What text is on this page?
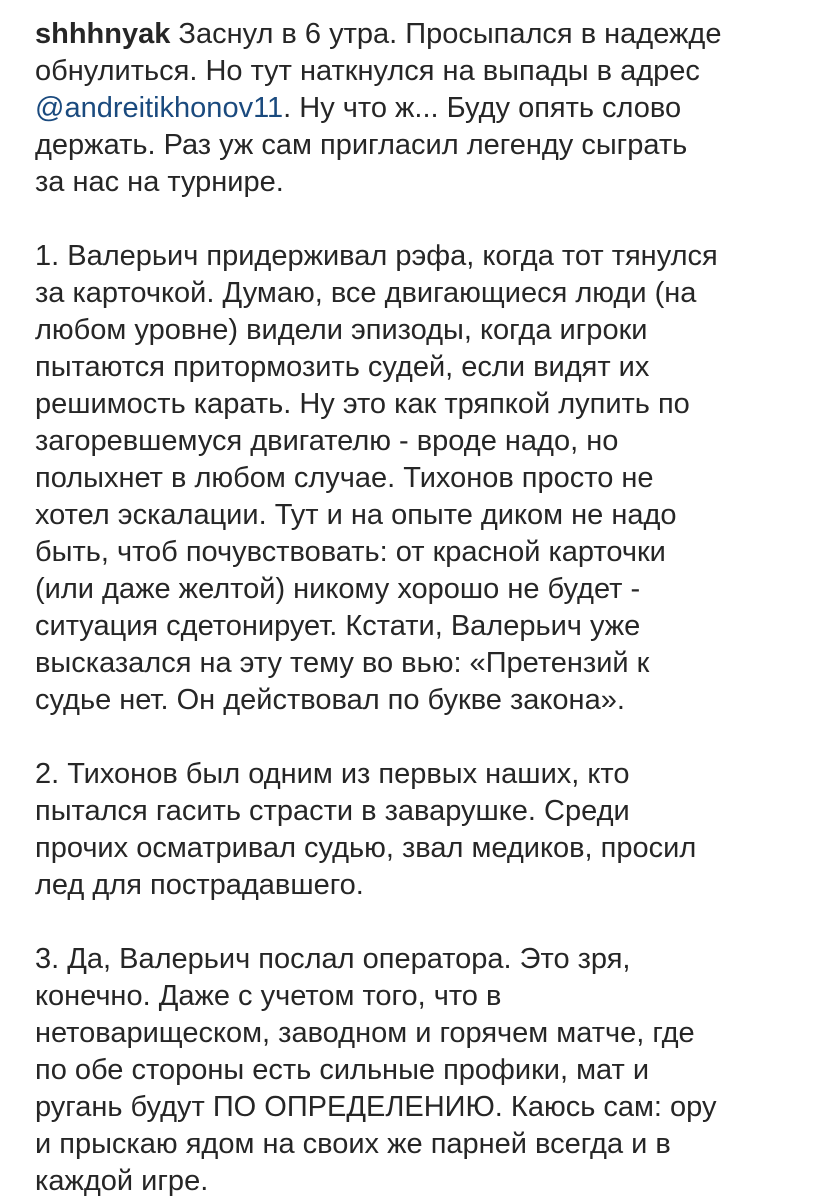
shhhnyak Заснул в 6 утра. Просыпался в надежде
обнулиться. Но тут наткнулся на выпады в адрес
@andreitikhonov11. Ну что ж... Буду опять слово
держать. Раз уж сам пригласил легенду сыграть
за нас на турнире.

1. Валерьич придерживал рэфа, когда тот тянулся
за карточкой. Думаю, все двигающиеся люди (на
любом уровне) видели эпизоды, когда игроки
пытаются притормозить судей, если видят их
решимость карать. Ну это как тряпкой лупить по
загоревшемуся двигателю - вроде надо, но
полыхнет в любом случае. Тихонов просто не
хотел эскалации. Тут и на опыте диком не надо
быть, чтоб почувствовать: от красной карточки
(или даже желтой) никому хорошо не будет -
ситуация сдетонирует. Кстати, Валерьич уже
высказался на эту тему во вью: «Претензий к
судье нет. Он действовал по букве закона».

2. Тихонов был одним из первых наших, кто
пытался гасить страсти в заварушке. Среди
прочих осматривал судью, звал медиков, просил
лед для пострадавшего.

3. Да, Валерьич послал оператора. Это зря,
конечно. Даже с учетом того, что в
нетоварищеском, заводном и горячем матче, где
по обе стороны есть сильные профики, мат и
ругань будут ПО ОПРЕДЕЛЕНИЮ. Каюсь сам: ору
и прыскаю ядом на своих же парней всегда и в
каждой игре.
